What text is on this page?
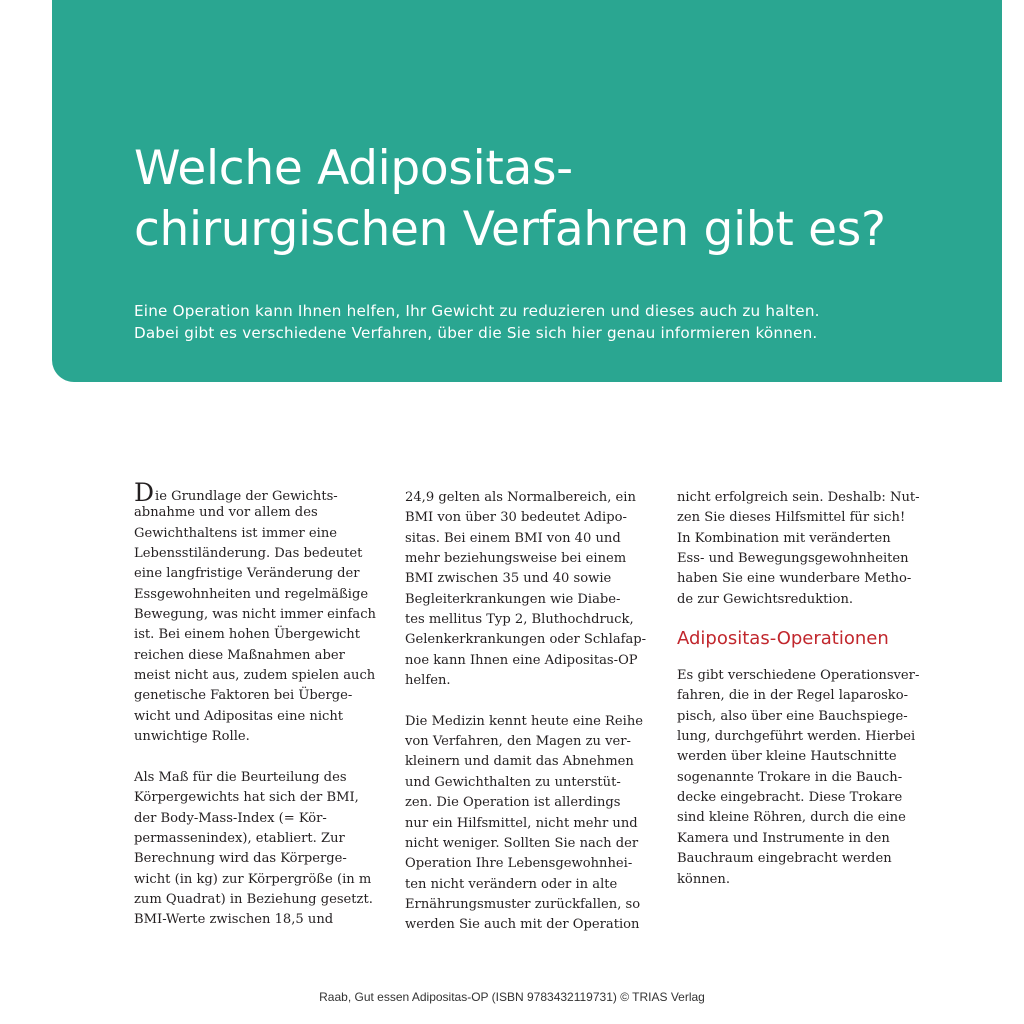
Welche Adipositas-
chirurgischen Verfahren gibt es?

Eine Operation kann Ihnen helfen, Ihr Gewicht zu reduzieren und dieses auch zu halten.
Dabei gibt es verschiedene Verfahren, über die Sie sich hier genau informieren können.

Die Grundlage der Gewichts-
abnahme und vor allem des
Gewichthaltens ist immer eine
Lebensstiländerung. Das bedeutet
eine langfristige Veränderung der
Essgewohnheiten und regelmäßige
Bewegung, was nicht immer einfach
ist. Bei einem hohen Übergewicht
reichen diese Maßnahmen aber
meist nicht aus, zudem spielen auch
genetische Faktoren bei Überge-
wicht und Adipositas eine nicht
unwichtige Rolle.
Als Maß für die Beurteilung des
Körpergewichts hat sich der BMI,
der Body-Mass-Index (= Kör-
permassenindex), etabliert. Zur
Berechnung wird das Körperge-
wicht (in kg) zur Körpergröße (in m
zum Quadrat) in Beziehung gesetzt.
BMI-Werte zwischen 18,5 und
24,9 gelten als Normalbereich, ein
BMI von über 30 bedeutet Adipo-
sitas. Bei einem BMI von 40 und
mehr beziehungsweise bei einem
BMI zwischen 35 und 40 sowie
Begleiterkrankungen wie Diabe-
tes mellitus Typ 2, Bluthochdruck,
Gelenkerkrankungen oder Schlafap-
noe kann Ihnen eine Adipositas-OP
helfen.
Die Medizin kennt heute eine Reihe
von Verfahren, den Magen zu ver-
kleinern und damit das Abnehmen
und Gewichthalten zu unterstüt-
zen. Die Operation ist allerdings
nur ein Hilfsmittel, nicht mehr und
nicht weniger. Sollten Sie nach der
Operation Ihre Lebensgewohnhei-
ten nicht verändern oder in alte
Ernährungsmuster zurückfallen, so
werden Sie auch mit der Operation
nicht erfolgreich sein. Deshalb: Nut-
zen Sie dieses Hilfsmittel für sich!
In Kombination mit veränderten
Ess- und Bewegungsgewohnheiten
haben Sie eine wunderbare Metho-
de zur Gewichtsreduktion.
Adipositas-Operationen
Es gibt verschiedene Operationsver-
fahren, die in der Regel laparosko-
pisch, also über eine Bauchspiege-
lung, durchgeführt werden. Hierbei
werden über kleine Hautschnitte
sogenannte Trokare in die Bauch-
decke eingebracht. Diese Trokare
sind kleine Röhren, durch die eine
Kamera und Instrumente in den
Bauchraum eingebracht werden
können.
Raab, Gut essen Adipositas-OP (ISBN 9783432119731) © TRIAS Verlag
